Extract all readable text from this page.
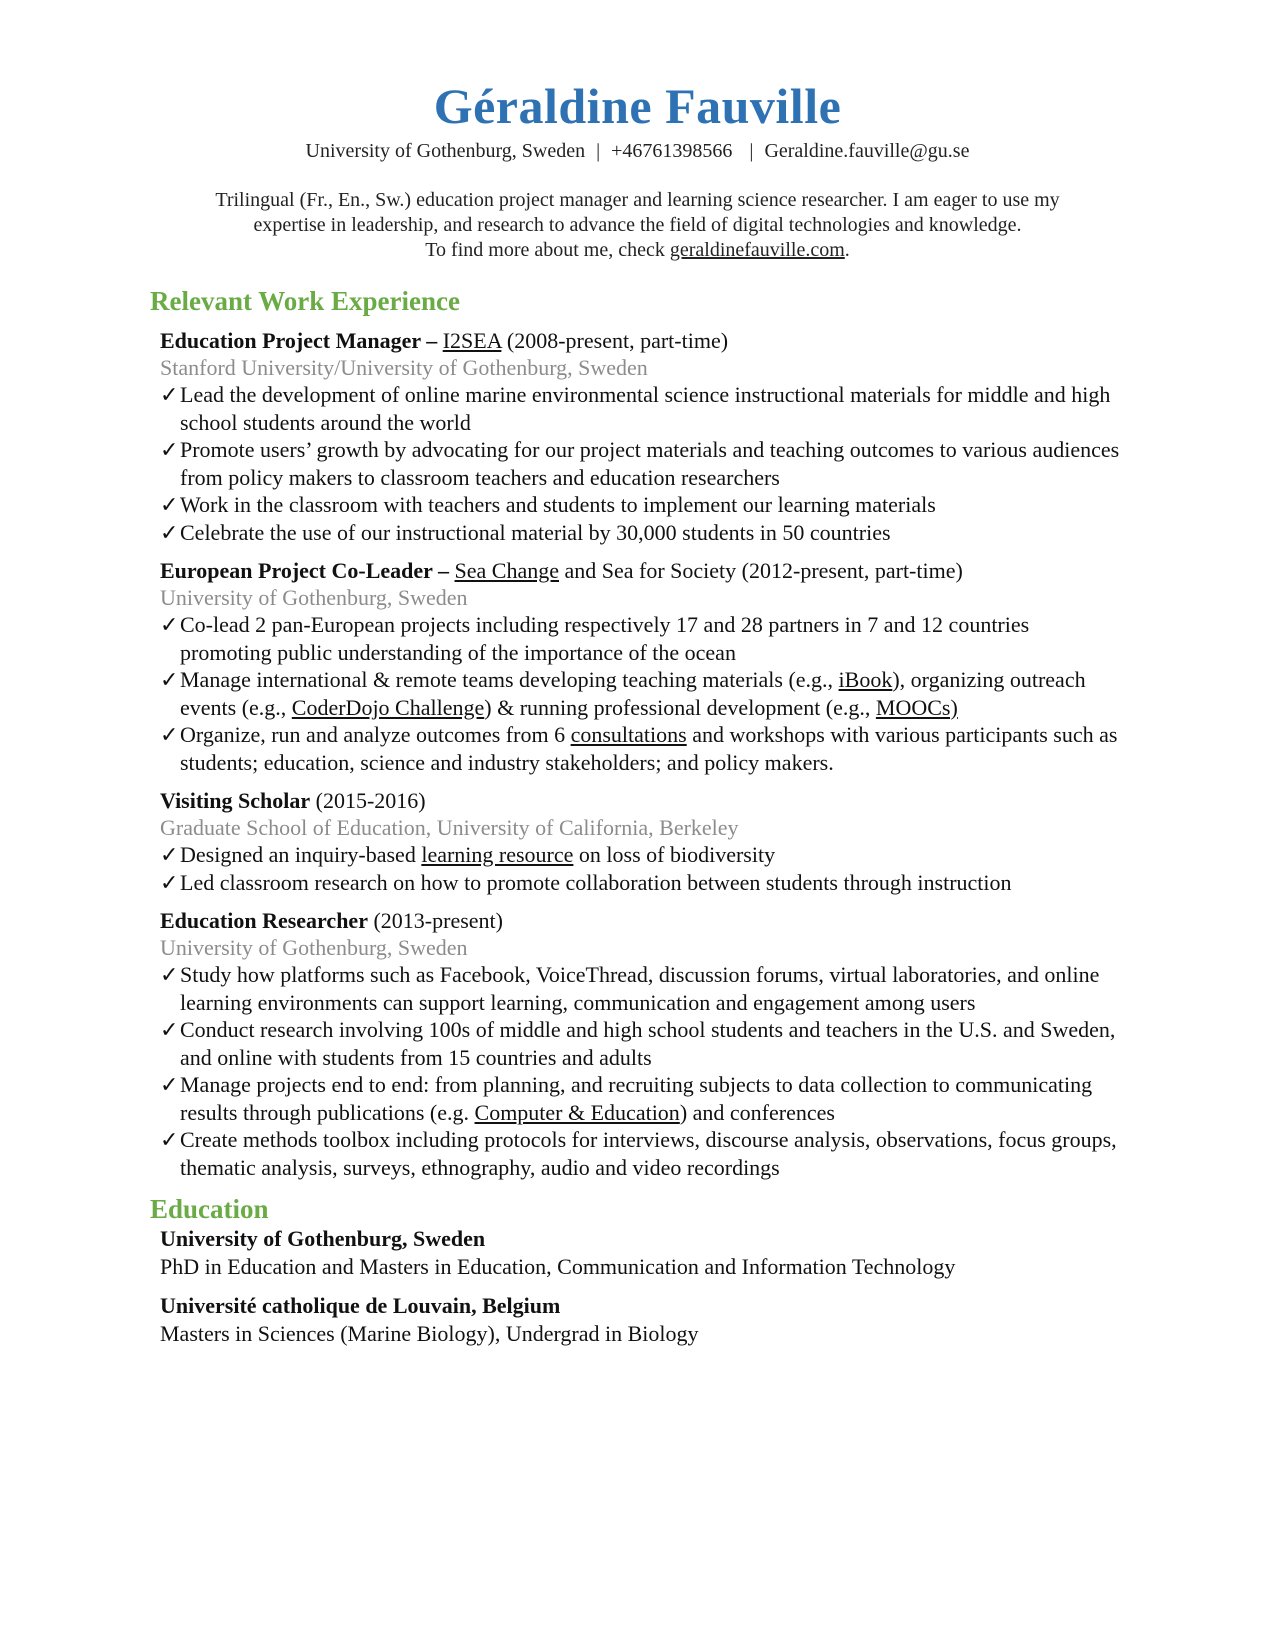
Géraldine Fauville
University of Gothenburg, Sweden | +46761398566 | Geraldine.fauville@gu.se
Trilingual (Fr., En., Sw.) education project manager and learning science researcher. I am eager to use my
expertise in leadership, and research to advance the field of digital technologies and knowledge.
To find more about me, check geraldinefauville.com.
Relevant Work Experience
Education Project Manager – I2SEA (2008-present, part-time)
Stanford University/University of Gothenburg, Sweden
✓ Lead the development of online marine environmental science instructional materials for middle and high school students around the world
✓ Promote users’ growth by advocating for our project materials and teaching outcomes to various audiences from policy makers to classroom teachers and education researchers
✓ Work in the classroom with teachers and students to implement our learning materials
✓ Celebrate the use of our instructional material by 30,000 students in 50 countries
European Project Co-Leader – Sea Change and Sea for Society (2012-present, part-time)
University of Gothenburg, Sweden
✓ Co-lead 2 pan-European projects including respectively 17 and 28 partners in 7 and 12 countries promoting public understanding of the importance of the ocean
✓ Manage international & remote teams developing teaching materials (e.g., iBook), organizing outreach events (e.g., CoderDojo Challenge) & running professional development (e.g., MOOCs)
✓ Organize, run and analyze outcomes from 6 consultations and workshops with various participants such as students; education, science and industry stakeholders; and policy makers.
Visiting Scholar (2015-2016)
Graduate School of Education, University of California, Berkeley
✓ Designed an inquiry-based learning resource on loss of biodiversity
✓ Led classroom research on how to promote collaboration between students through instruction
Education Researcher (2013-present)
University of Gothenburg, Sweden
✓ Study how platforms such as Facebook, VoiceThread, discussion forums, virtual laboratories, and online learning environments can support learning, communication and engagement among users
✓ Conduct research involving 100s of middle and high school students and teachers in the U.S. and Sweden, and online with students from 15 countries and adults
✓ Manage projects end to end: from planning, and recruiting subjects to data collection to communicating results through publications (e.g. Computer & Education) and conferences
✓ Create methods toolbox including protocols for interviews, discourse analysis, observations, focus groups, thematic analysis, surveys, ethnography, audio and video recordings
Education
University of Gothenburg, Sweden
PhD in Education and Masters in Education, Communication and Information Technology
Université catholique de Louvain, Belgium
Masters in Sciences (Marine Biology), Undergrad in Biology
